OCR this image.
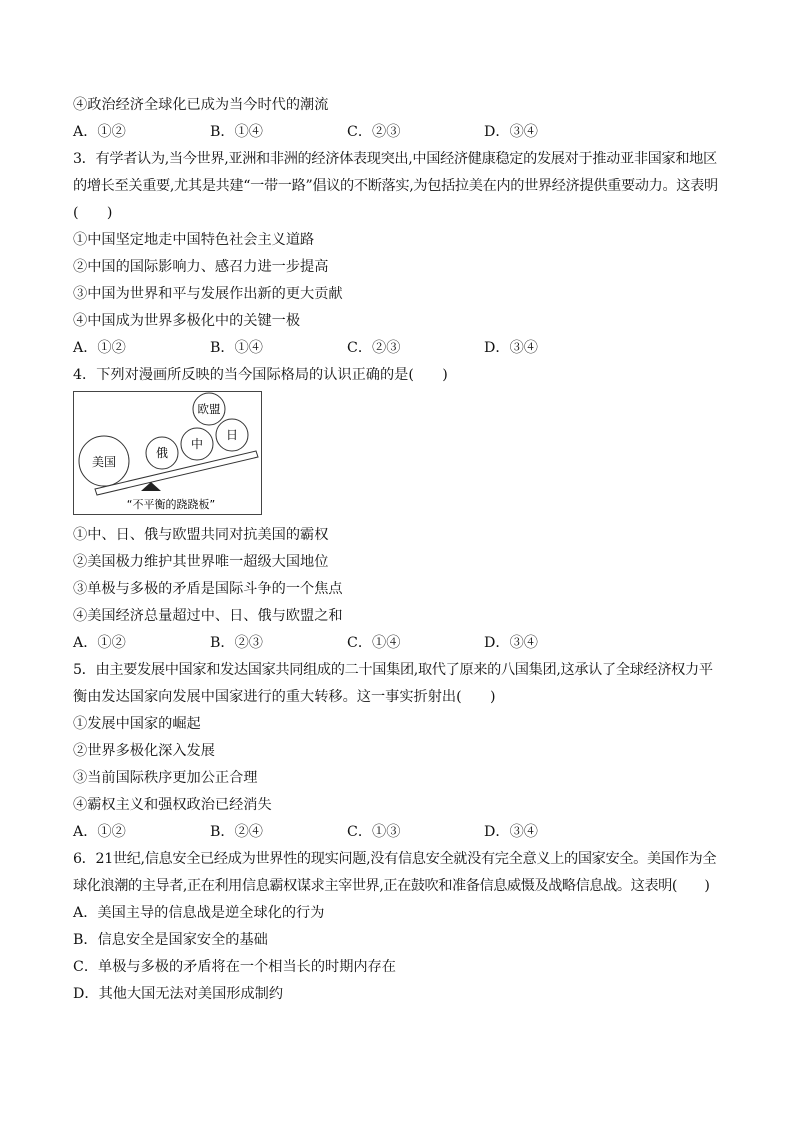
④政治经济全球化已成为当今时代的潮流
A．①②	B．①④	C．②③	D．③④
3．有学者认为,当今世界,亚洲和非洲的经济体表现突出,中国经济健康稳定的发展对于推动亚非国家和地区
的增长至关重要,尤其是共建“一带一路”倡议的不断落实,为包括拉美在内的世界经济提供重要动力。这表明
(　　)
①中国坚定地走中国特色社会主义道路
②中国的国际影响力、感召力进一步提高
③中国为世界和平与发展作出新的更大贡献
④中国成为世界多极化中的关键一极
A．①②	B．①④	C．②③	D．③④
4．下列对漫画所反映的当今国际格局的认识正确的是(　　)
美国
俄
中
日
欧盟
“不平衡的跷跷板”
①中、日、俄与欧盟共同对抗美国的霸权
②美国极力维护其世界唯一超级大国地位
③单极与多极的矛盾是国际斗争的一个焦点
④美国经济总量超过中、日、俄与欧盟之和
A．①②	B．②③	C．①④	D．③④
5．由主要发展中国家和发达国家共同组成的二十国集团,取代了原来的八国集团,这承认了全球经济权力平
衡由发达国家向发展中国家进行的重大转移。这一事实折射出(　　)
①发展中国家的崛起
②世界多极化深入发展
③当前国际秩序更加公正合理
④霸权主义和强权政治已经消失
A．①②	B．②④	C．①③	D．③④
6．21世纪,信息安全已经成为世界性的现实问题,没有信息安全就没有完全意义上的国家安全。美国作为全
球化浪潮的主导者,正在利用信息霸权谋求主宰世界,正在鼓吹和准备信息威慑及战略信息战。这表明(　　)
A．美国主导的信息战是逆全球化的行为
B．信息安全是国家安全的基础
C．单极与多极的矛盾将在一个相当长的时期内存在
D．其他大国无法对美国形成制约
